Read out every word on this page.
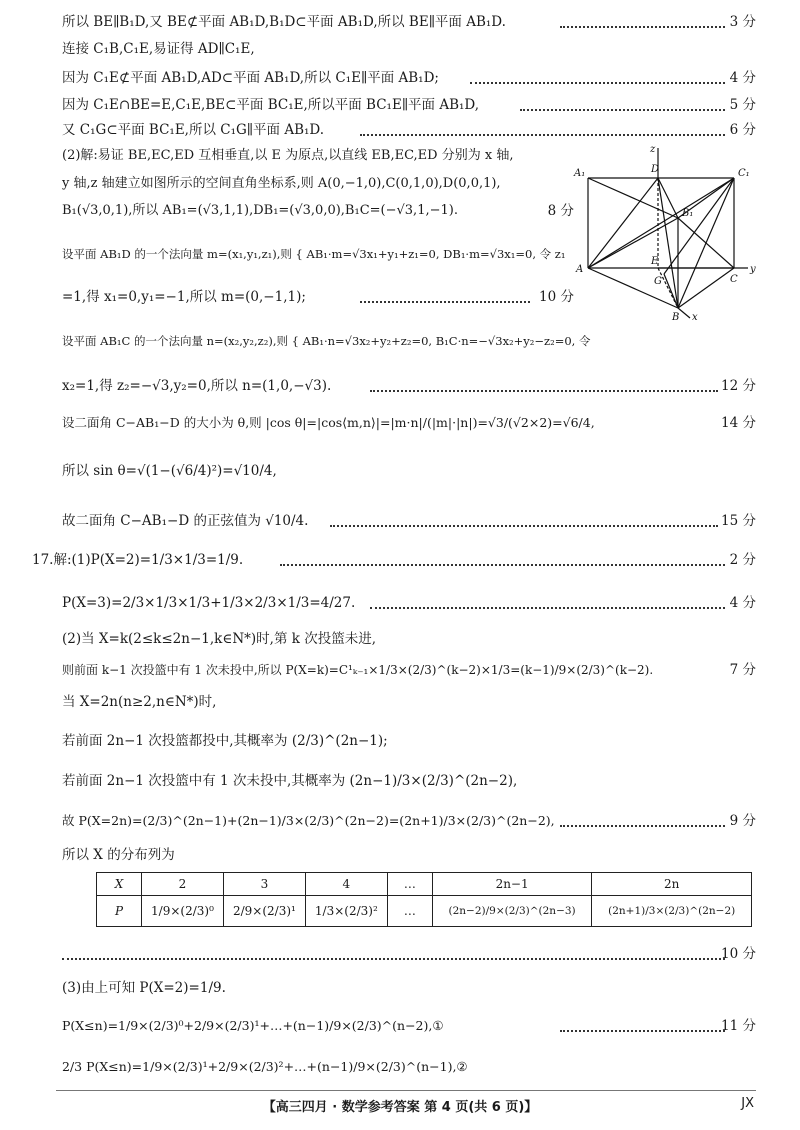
所以 BE∥B₁D,又 BE⊄平面 AB₁D,B₁D⊂平面 AB₁D,所以 BE∥平面 AB₁D.	3 分
连接 C₁B,C₁E,易证得 AD∥C₁E,
因为 C₁E⊄平面 AB₁D,AD⊂平面 AB₁D,所以 C₁E∥平面 AB₁D;	4 分
因为 C₁E∩BE=E,C₁E,BE⊂平面 BC₁E,所以平面 BC₁E∥平面 AB₁D,	5 分
又 C₁G⊂平面 BC₁E,所以 C₁G∥平面 AB₁D.	6 分
(2)解:易证 BE,EC,ED 互相垂直,以 E 为原点,以直线 EB,EC,ED 分别为 x 轴,
y 轴,z 轴建立如图所示的空间直角坐标系,则 A(0,−1,0),C(0,1,0),D(0,0,1),
B₁(√3,0,1),所以 AB₁=(√3,1,1),DB₁=(√3,0,0),B₁C=(−√3,1,−1).	8 分
设平面 AB₁D 的一个法向量 m=(x₁,y₁,z₁),则 { AB₁·m=√3x₁+y₁+z₁=0, DB₁·m=√3x₁=0, 令 z₁
=1,得 x₁=0,y₁=−1,所以 m=(0,−1,1);	10 分
设平面 AB₁C 的一个法向量 n=(x₂,y₂,z₂),则 { AB₁·n=√3x₂+y₂+z₂=0, B₁C·n=−√3x₂+y₂−z₂=0, 令
x₂=1,得 z₂=−√3,y₂=0,所以 n=(1,0,−√3).	12 分
设二面角 C−AB₁−D 的大小为 θ,则 |cos θ|=|cos⟨m,n⟩|=|m·n|/(|m|·|n|)=√3/(√2×2)=√6/4,	14 分
所以 sin θ=√(1−(√6/4)²)=√10/4,
故二面角 C−AB₁−D 的正弦值为 √10/4.	15 分
17.解:(1)P(X=2)=1/3×1/3=1/9.	2 分
P(X=3)=2/3×1/3×1/3+1/3×2/3×1/3=4/27.	4 分
(2)当 X=k(2≤k≤2n−1,k∈N*)时,第 k 次投篮未进,
则前面 k−1 次投篮中有 1 次未投中,所以 P(X=k)=C¹ₖ₋₁×1/3×(2/3)^(k−2)×1/3=(k−1)/9×(2/3)^(k−2).	7 分
当 X=2n(n≥2,n∈N*)时,
若前面 2n−1 次投篮都投中,其概率为 (2/3)^(2n−1);
若前面 2n−1 次投篮中有 1 次未投中,其概率为 (2n−1)/3×(2/3)^(2n−2),
故 P(X=2n)=(2/3)^(2n−1)+(2n−1)/3×(2/3)^(2n−2)=(2n+1)/3×(2/3)^(2n−2),	9 分
所以 X 的分布列为
X	2	3	4	…	2n−1	2n
P	1/9×(2/3)⁰	2/9×(2/3)¹	1/3×(2/3)²	…	(2n−2)/9×(2/3)^(2n−3)	(2n+1)/3×(2/3)^(2n−2)
10 分
(3)由上可知 P(X=2)=1/9.
P(X≤n)=1/9×(2/3)⁰+2/9×(2/3)¹+…+(n−1)/9×(2/3)^(n−2),①	11 分
2/3 P(X≤n)=1/9×(2/3)¹+2/9×(2/3)²+…+(n−1)/9×(2/3)^(n−1),②
z
D	C₁
A₁
B₁
E
A
G	C
y
B x
【高三四月 · 数学参考答案 第 4 页(共 6 页)】	JX
